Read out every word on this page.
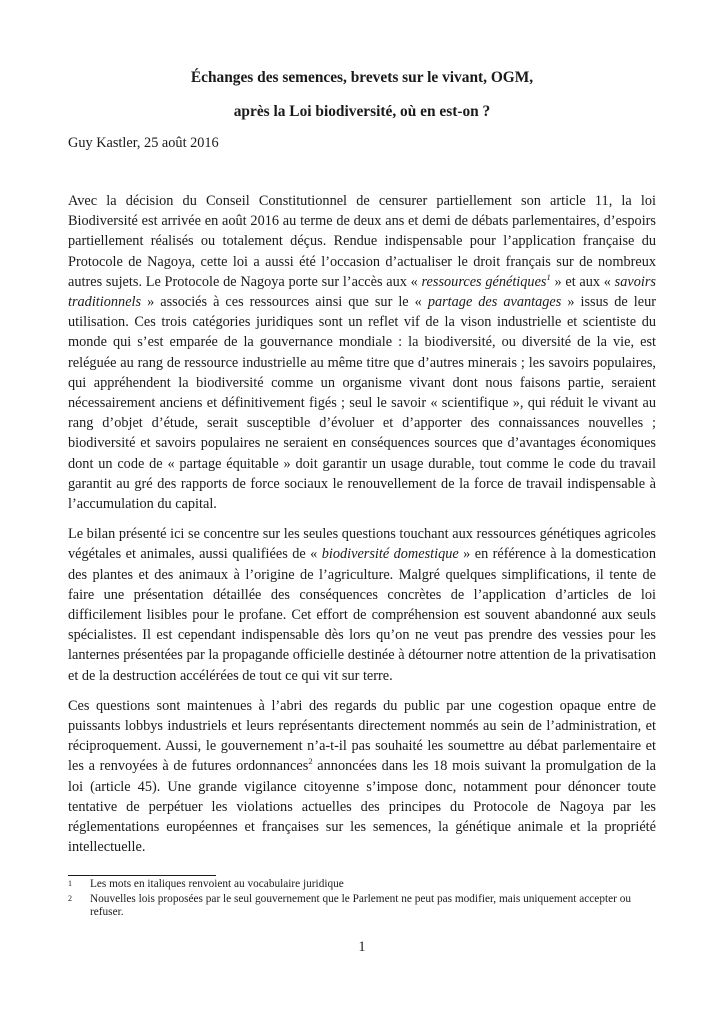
Échanges des semences, brevets sur le vivant, OGM,
après la Loi biodiversité, où en est-on ?

Guy Kastler, 25 août 2016

Avec la décision du Conseil Constitutionnel de censurer partiellement son article 11, la loi Biodiversité est arrivée en août 2016 au terme de deux ans et demi de débats parlementaires, d’espoirs partiellement réalisés ou totalement déçus. Rendue indispensable pour l’application française du Protocole de Nagoya, cette loi a aussi été l’occasion d’actualiser le droit français sur de nombreux autres sujets. Le Protocole de Nagoya porte sur l’accès aux « ressources génétiques$^1$ » et aux « savoirs traditionnels » associés à ces ressources ainsi que sur le « partage des avantages » issus de leur utilisation. Ces trois catégories juridiques sont un reflet vif de la vison industrielle et scientiste du monde qui s’est emparée de la gouvernance mondiale : la biodiversité, ou diversité de la vie, est reléguée au rang de ressource industrielle au même titre que d’autres minerais ; les savoirs populaires, qui appréhendent la biodiversité comme un organisme vivant dont nous faisons partie, seraient nécessairement anciens et définitivement figés ; seul le savoir « scientifique », qui réduit le vivant au rang d’objet d’étude, serait susceptible d’évoluer et d’apporter des connaissances nouvelles ; biodiversité et savoirs populaires ne seraient en conséquences sources que d’avantages économiques dont un code de « partage équitable » doit garantir un usage durable, tout comme le code du travail garantit au gré des rapports de force sociaux le renouvellement de la force de travail indispensable à l’accumulation du capital.

Le bilan présenté ici se concentre sur les seules questions touchant aux ressources génétiques agricoles végétales et animales, aussi qualifiées de « biodiversité domestique » en référence à la domestication des plantes et des animaux à l’origine de l’agriculture. Malgré quelques simplifications, il tente de faire une présentation détaillée des conséquences concrètes de l’application d’articles de loi difficilement lisibles pour le profane. Cet effort de compréhension est souvent abandonné aux seuls spécialistes. Il est cependant indispensable dès lors qu’on ne veut pas prendre des vessies pour les lanternes présentées par la propagande officielle destinée à détourner notre attention de la privatisation et de la destruction accélérées de tout ce qui vit sur terre.

Ces questions sont maintenues à l’abri des regards du public par une cogestion opaque entre de puissants lobbys industriels et leurs représentants directement nommés au sein de l’administration, et réciproquement. Aussi, le gouvernement n’a-t-il pas souhaité les soumettre au débat parlementaire et les a renvoyées à de futures ordonnances$^2$ annoncées dans les 18 mois suivant la promulgation de la loi (article 45). Une grande vigilance citoyenne s’impose donc, notamment pour dénoncer toute tentative de perpétuer les violations actuelles des principes du Protocole de Nagoya par les réglementations européennes et françaises sur les semences, la génétique animale et la propriété intellectuelle.

1 Les mots en italiques renvoient au vocabulaire juridique
2 Nouvelles lois proposées par le seul gouvernement que le Parlement ne peut pas modifier, mais uniquement accepter ou refuser.
1
